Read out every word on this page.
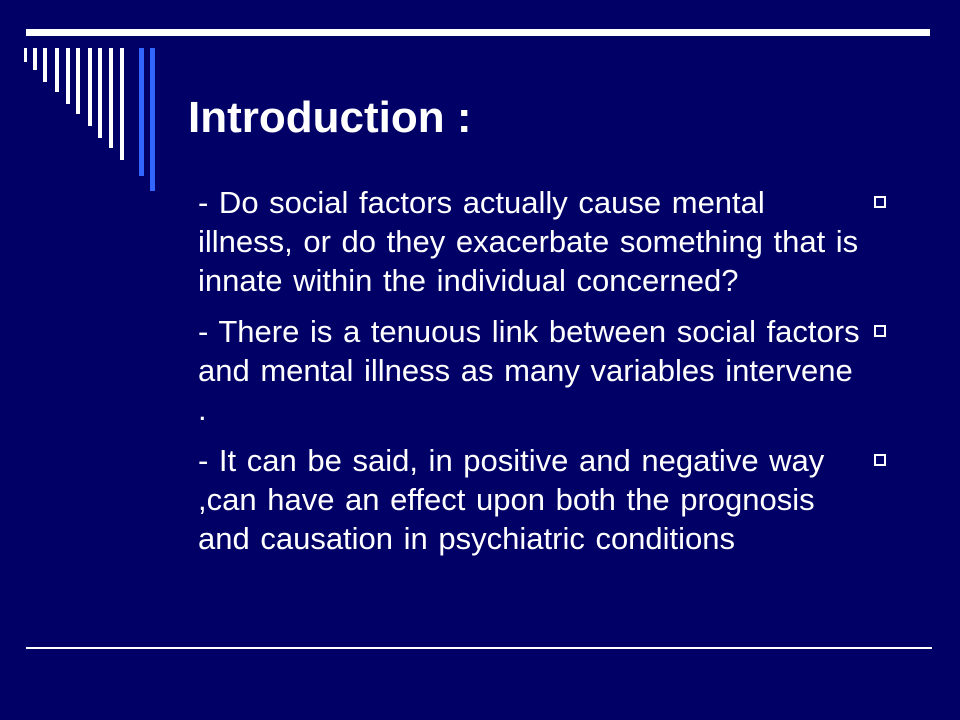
Introduction :
- Do social factors actually cause mental illness, or do they exacerbate something that is innate within the individual concerned?
- There is a tenuous link between social factors and mental illness as many variables intervene .
- It can be said, in positive and negative way ,can have an effect upon both the prognosis and causation in psychiatric conditions
